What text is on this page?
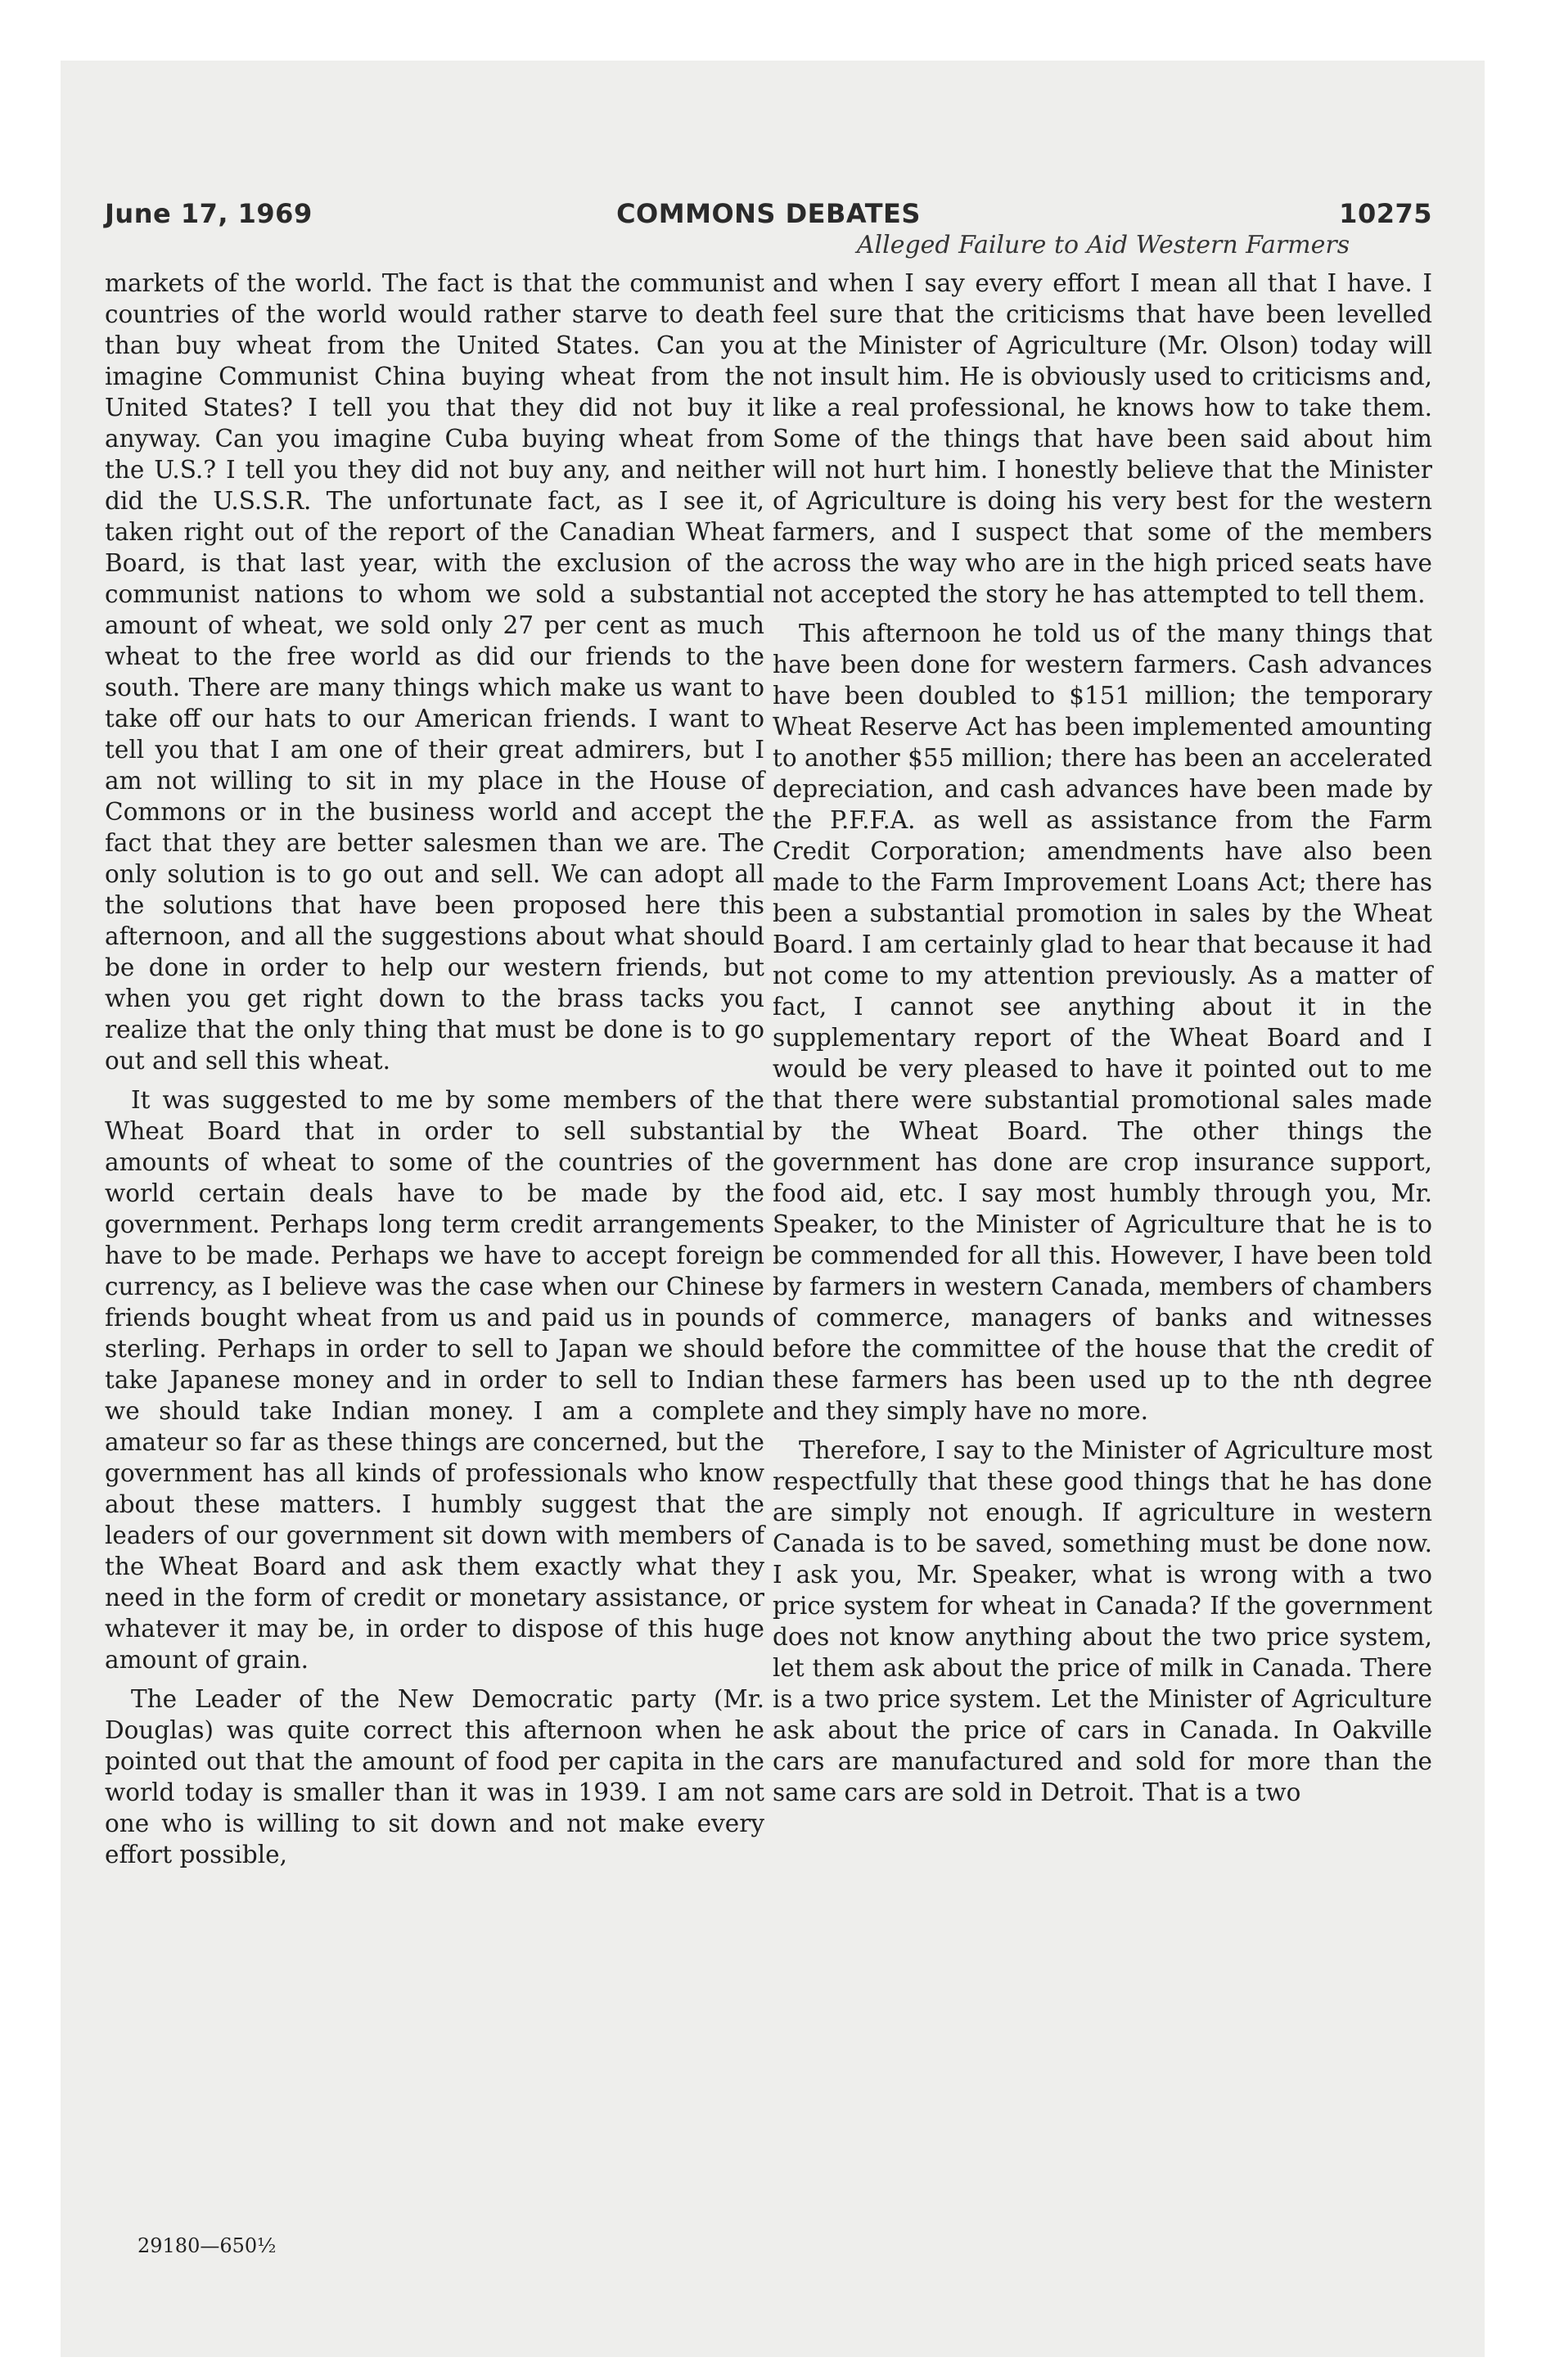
June 17, 1969	COMMONS DEBATES	10275
Alleged Failure to Aid Western Farmers

markets of the world. The fact is that the communist countries of the world would rather starve to death than buy wheat from the United States. Can you imagine Communist China buying wheat from the United States? I tell you that they did not buy it anyway. Can you imagine Cuba buying wheat from the U.S.? I tell you they did not buy any, and neither did the U.S.S.R. The unfortunate fact, as I see it, taken right out of the report of the Canadian Wheat Board, is that last year, with the exclusion of the communist nations to whom we sold a substantial amount of wheat, we sold only 27 per cent as much wheat to the free world as did our friends to the south. There are many things which make us want to take off our hats to our American friends. I want to tell you that I am one of their great admirers, but I am not willing to sit in my place in the House of Commons or in the business world and accept the fact that they are better salesmen than we are. The only solution is to go out and sell. We can adopt all the solutions that have been proposed here this afternoon, and all the suggestions about what should be done in order to help our western friends, but when you get right down to the brass tacks you realize that the only thing that must be done is to go out and sell this wheat.

It was suggested to me by some members of the Wheat Board that in order to sell substantial amounts of wheat to some of the countries of the world certain deals have to be made by the government. Perhaps long term credit arrangements have to be made. Perhaps we have to accept foreign currency, as I believe was the case when our Chinese friends bought wheat from us and paid us in pounds sterling. Perhaps in order to sell to Japan we should take Japanese money and in order to sell to Indian we should take Indian money. I am a complete amateur so far as these things are concerned, but the government has all kinds of professionals who know about these matters. I humbly suggest that the leaders of our government sit down with members of the Wheat Board and ask them exactly what they need in the form of credit or monetary assistance, or whatever it may be, in order to dispose of this huge amount of grain.

The Leader of the New Democratic party (Mr. Douglas) was quite correct this afternoon when he pointed out that the amount of food per capita in the world today is smaller than it was in 1939. I am not one who is willing to sit down and not make every effort possible,

and when I say every effort I mean all that I have. I feel sure that the criticisms that have been levelled at the Minister of Agriculture (Mr. Olson) today will not insult him. He is obviously used to criticisms and, like a real professional, he knows how to take them. Some of the things that have been said about him will not hurt him. I honestly believe that the Minister of Agriculture is doing his very best for the western farmers, and I suspect that some of the members across the way who are in the high priced seats have not accepted the story he has attempted to tell them.

This afternoon he told us of the many things that have been done for western farmers. Cash advances have been doubled to $151 million; the temporary Wheat Reserve Act has been implemented amounting to another $55 million; there has been an accelerated depreciation, and cash advances have been made by the P.F.F.A. as well as assistance from the Farm Credit Corporation; amendments have also been made to the Farm Improvement Loans Act; there has been a substantial promotion in sales by the Wheat Board. I am certainly glad to hear that because it had not come to my attention previously. As a matter of fact, I cannot see anything about it in the supplementary report of the Wheat Board and I would be very pleased to have it pointed out to me that there were substantial promotional sales made by the Wheat Board. The other things the government has done are crop insurance support, food aid, etc. I say most humbly through you, Mr. Speaker, to the Minister of Agriculture that he is to be commended for all this. However, I have been told by farmers in western Canada, members of chambers of commerce, managers of banks and witnesses before the committee of the house that the credit of these farmers has been used up to the nth degree and they simply have no more.

Therefore, I say to the Minister of Agriculture most respectfully that these good things that he has done are simply not enough. If agriculture in western Canada is to be saved, something must be done now. I ask you, Mr. Speaker, what is wrong with a two price system for wheat in Canada? If the government does not know anything about the two price system, let them ask about the price of milk in Canada. There is a two price system. Let the Minister of Agriculture ask about the price of cars in Canada. In Oakville cars are manufactured and sold for more than the same cars are sold in Detroit. That is a two

29180—650½
